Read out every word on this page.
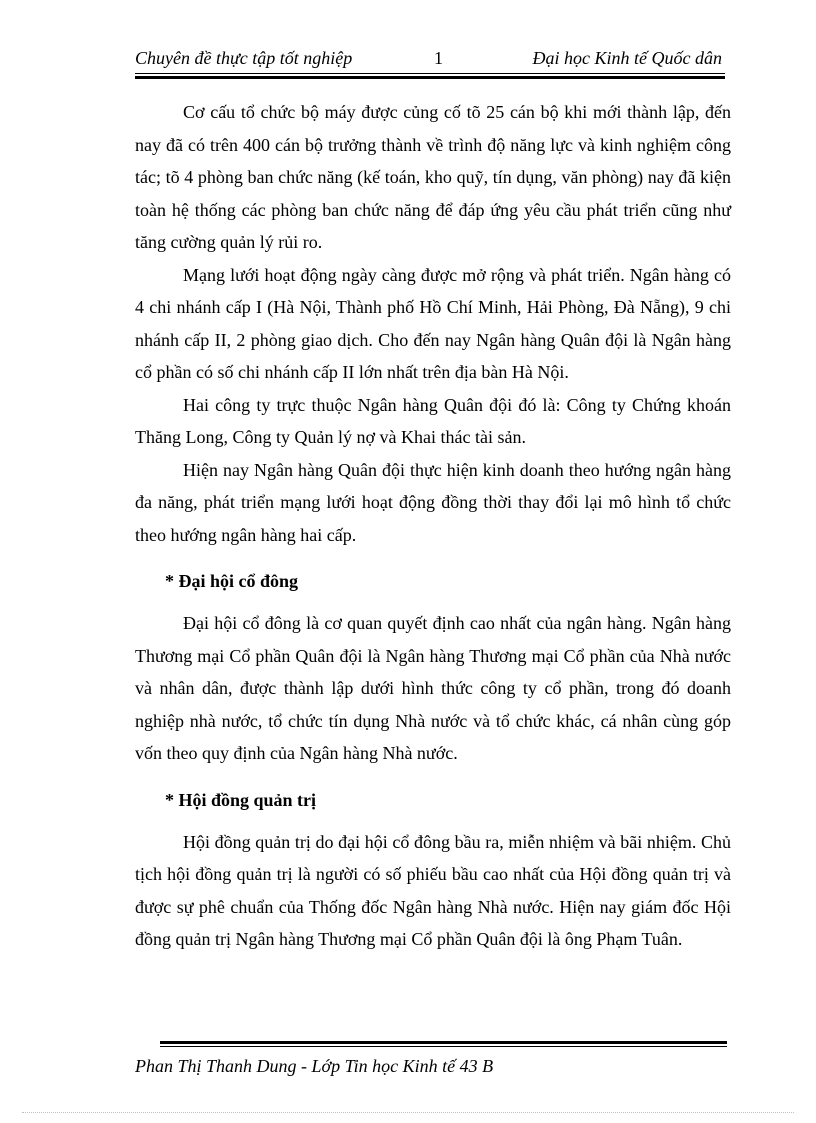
Chuyên đề thực tập tốt nghiệp	1	Đại học Kinh tế Quốc dân

Cơ cấu tổ chức bộ máy được củng cố tõ 25 cán bộ khi mới thành lập, đến nay đã có trên 400 cán bộ trưởng thành về trình độ năng lực và kinh nghiệm công tác; tõ 4 phòng ban chức năng (kế toán, kho quỹ, tín dụng, văn phòng) nay đã kiện toàn hệ thống các phòng ban chức năng để đáp ứng yêu cầu phát triển cũng như tăng cường quản lý rủi ro.

Mạng lưới hoạt động ngày càng được mở rộng và phát triển. Ngân hàng có 4 chi nhánh cấp I (Hà Nội, Thành phố Hồ Chí Minh, Hải Phòng, Đà Nẵng), 9 chi nhánh cấp II, 2 phòng giao dịch. Cho đến nay Ngân hàng Quân đội là Ngân hàng cổ phần có số chi nhánh cấp II lớn nhất trên địa bàn Hà Nội.

Hai công ty trực thuộc Ngân hàng Quân đội đó là: Công ty Chứng khoán Thăng Long, Công ty Quản lý nợ và Khai thác tài sản.

Hiện nay Ngân hàng Quân đội thực hiện kinh doanh theo hướng ngân hàng đa năng, phát triển mạng lưới hoạt động đồng thời thay đổi lại mô hình tổ chức theo hướng ngân hàng hai cấp.

* Đại hội cổ đông

Đại hội cổ đông là cơ quan quyết định cao nhất của ngân hàng. Ngân hàng Thương mại Cổ phần Quân đội là Ngân hàng Thương mại Cổ phần của Nhà nước và nhân dân, được thành lập dưới hình thức công ty cổ phần, trong đó doanh nghiệp nhà nước, tổ chức tín dụng Nhà nước và tổ chức khác, cá nhân cùng góp vốn theo quy định của Ngân hàng Nhà nước.

* Hội đồng quản trị

Hội đồng quản trị do đại hội cổ đông bầu ra, miễn nhiệm và bãi nhiệm. Chủ tịch hội đồng quản trị là người có số phiếu bầu cao nhất của Hội đồng quản trị và được sự phê chuẩn của Thống đốc Ngân hàng Nhà nước. Hiện nay giám đốc Hội đồng quản trị Ngân hàng Thương mại Cổ phần Quân đội là ông Phạm Tuân.

Phan Thị Thanh Dung - Lớp Tin học Kinh tế 43 B
